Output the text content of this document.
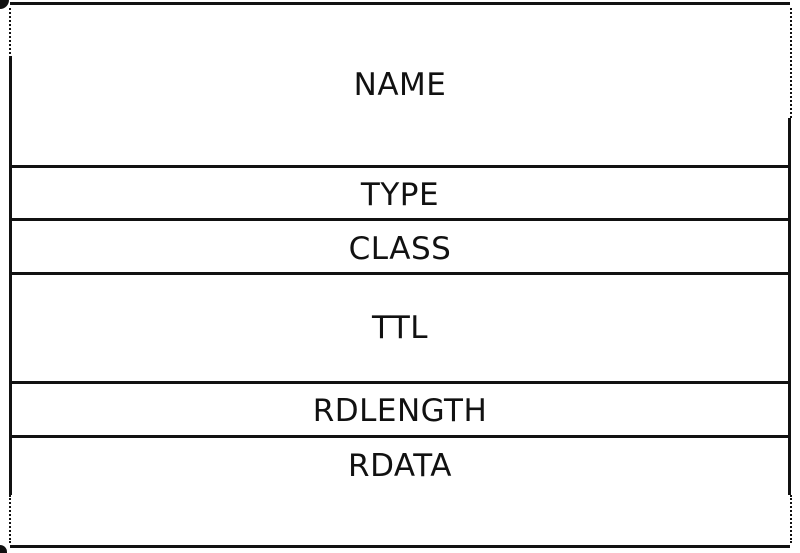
NAME
TYPE
CLASS
TTL
RDLENGTH
RDATA
